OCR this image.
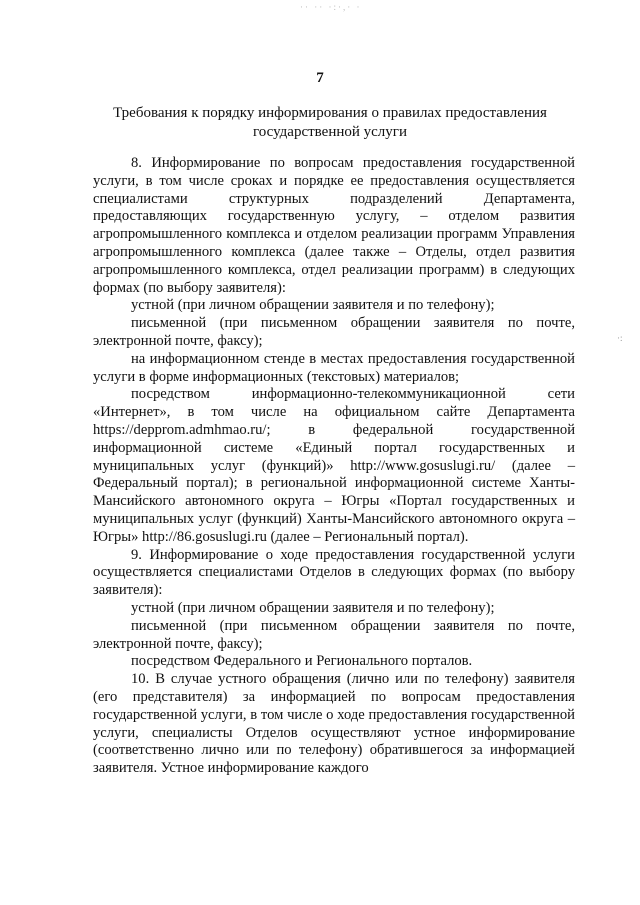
·· ·· ·:·,· ·
·:
7
Требования к порядку информирования о правилах предоставления
государственной услуги

8. Информирование по вопросам предоставления государственной услуги, в том числе сроках и порядке ее предоставления осуществляется специалистами структурных подразделений Департамента, предоставляющих государственную услугу, – отделом развития агропромышленного комплекса и отделом реализации программ Управления агропромышленного комплекса (далее также – Отделы, отдел развития агропромышленного комплекса, отдел реализации программ) в следующих формах (по выбору заявителя):

устной (при личном обращении заявителя и по телефону);

письменной (при письменном обращении заявителя по почте, электронной почте, факсу);

на информационном стенде в местах предоставления государственной услуги в форме информационных (текстовых) материалов;

посредством информационно-телекоммуникационной сети «Интернет», в том числе на официальном сайте Департамента https://depprom.admhmao.ru/; в федеральной государственной информационной системе «Единый портал государственных и муниципальных услуг (функций)» http://www.gosuslugi.ru/ (далее – Федеральный портал); в региональной информационной системе Ханты-Мансийского автономного округа – Югры «Портал государственных и муниципальных услуг (функций) Ханты-Мансийского автономного округа – Югры» http://86.gosuslugi.ru (далее – Региональный портал).

9. Информирование о ходе предоставления государственной услуги осуществляется специалистами Отделов в следующих формах (по выбору заявителя):

устной (при личном обращении заявителя и по телефону);

письменной (при письменном обращении заявителя по почте, электронной почте, факсу);

посредством Федерального и Регионального порталов.

10. В случае устного обращения (лично или по телефону) заявителя (его представителя) за информацией по вопросам предоставления государственной услуги, в том числе о ходе предоставления государственной услуги, специалисты Отделов осуществляют устное информирование (соответственно лично или по телефону) обратившегося за информацией заявителя. Устное информирование каждого
